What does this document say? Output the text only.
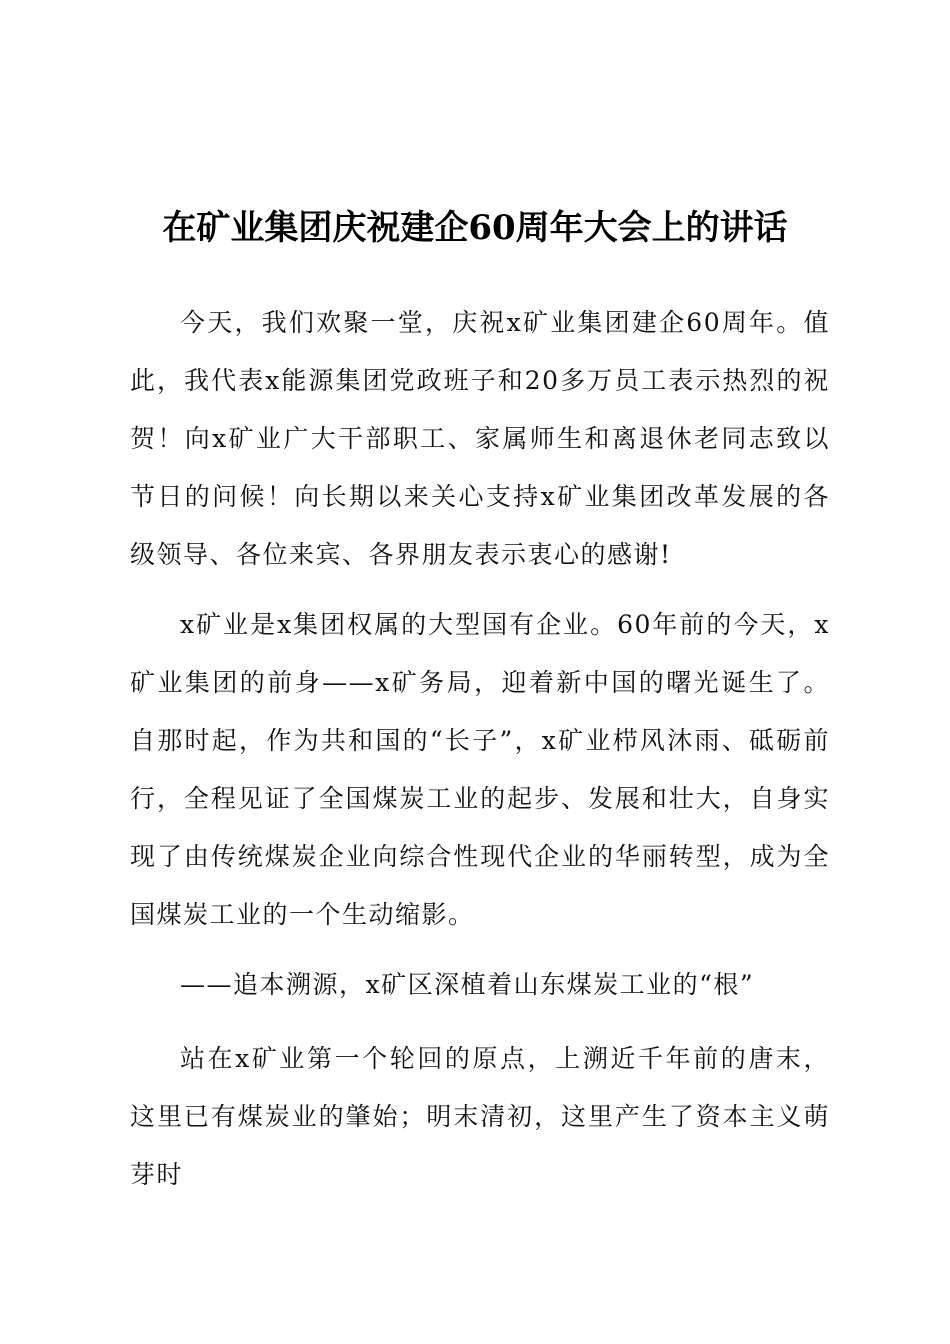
在矿业集团庆祝建企60周年大会上的讲话
今天，我们欢聚一堂，庆祝x矿业集团建企60周年。值此，我代表x能源集团党政班子和20多万员工表示热烈的祝贺！向x矿业广大干部职工、家属师生和离退休老同志致以节日的问候！向长期以来关心支持x矿业集团改革发展的各级领导、各位来宾、各界朋友表示衷心的感谢!
x矿业是x集团权属的大型国有企业。60年前的今天，x矿业集团的前身——x矿务局，迎着新中国的曙光诞生了。自那时起，作为共和国的“长子”，x矿业栉风沐雨、砥砺前行，全程见证了全国煤炭工业的起步、发展和壮大，自身实现了由传统煤炭企业向综合性现代企业的华丽转型，成为全国煤炭工业的一个生动缩影。
——追本溯源，x矿区深植着山东煤炭工业的“根”
站在x矿业第一个轮回的原点，上溯近千年前的唐末，这里已有煤炭业的肇始；明末清初，这里产生了资本主义萌芽时
